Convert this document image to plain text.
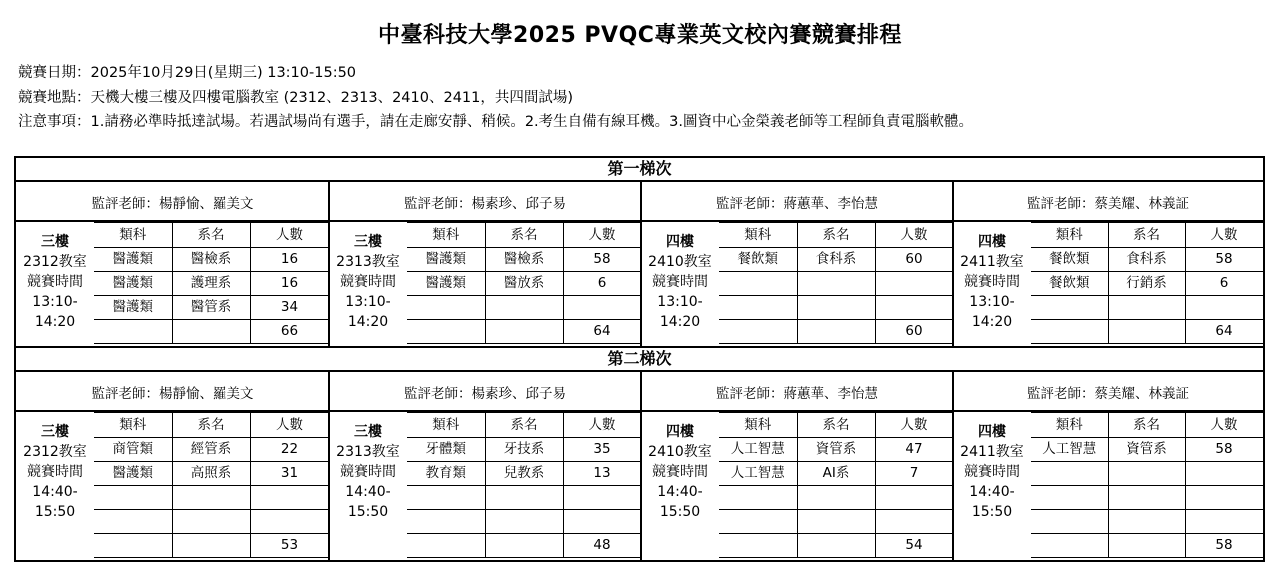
中臺科技大學2025 PVQC專業英文校內賽競賽排程
競賽日期：2025年10月29日(星期三) 13:10-15:50
競賽地點：天機大樓三樓及四樓電腦教室 (2312、2313、2410、2411，共四間試場)
注意事項：1.請務必準時抵達試場。若遇試場尚有選手，請在走廊安靜、稍候。2.考生自備有線耳機。3.圖資中心金榮義老師等工程師負責電腦軟體。
第一梯次
監評老師：楊靜愉、羅美文
三樓
2312教室
競賽時間
13:10-
14:20
類科	系名	人數
醫護類	醫檢系	16
醫護類	護理系	16
醫護類	醫管系	34
		66
監評老師：楊素珍、邱子易
三樓
2313教室
競賽時間
13:10-
14:20
類科	系名	人數
醫護類	醫檢系	58
醫護類	醫放系	6

		64
監評老師：蔣蕙華、李怡慧
四樓
2410教室
競賽時間
13:10-
14:20
類科	系名	人數
餐飲類	食科系	60

		60
監評老師：蔡美耀、林義証
四樓
2411教室
競賽時間
13:10-
14:20
類科	系名	人數
餐飲類	食科系	58
餐飲類	行銷系	6

		64
第二梯次
監評老師：楊靜愉、羅美文
三樓
2312教室
競賽時間
14:40-
15:50
類科	系名	人數
商管類	經管系	22
醫護類	高照系	31

		53
監評老師：楊素珍、邱子易
三樓
2313教室
競賽時間
14:40-
15:50
類科	系名	人數
牙體類	牙技系	35
教育類	兒教系	13

		48
監評老師：蔣蕙華、李怡慧
四樓
2410教室
競賽時間
14:40-
15:50
類科	系名	人數
人工智慧	資管系	47
人工智慧	AI系	7

		54
監評老師：蔡美耀、林義証
四樓
2411教室
競賽時間
14:40-
15:50
類科	系名	人數
人工智慧	資管系	58

		58
